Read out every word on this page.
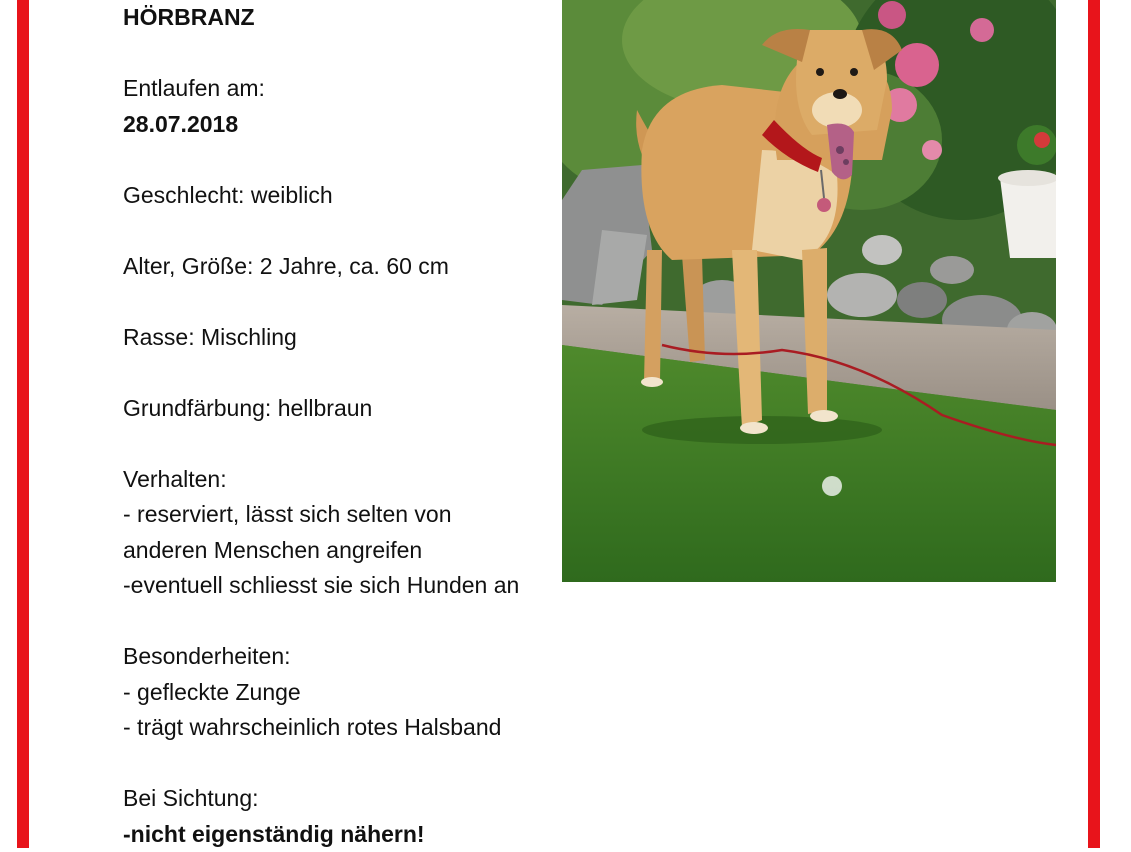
HÖRBRANZ
Entlaufen am:
28.07.2018
Geschlecht: weiblich
Alter, Größe: 2 Jahre, ca. 60 cm
Rasse: Mischling
Grundfärbung: hellbraun
Verhalten:
- reserviert, lässt sich selten von
anderen Menschen angreifen
-eventuell schliesst sie sich Hunden an
Besonderheiten:
- gefleckte Zunge
- trägt wahrscheinlich rotes Halsband
Bei Sichtung:
-nicht eigenständig nähern!
